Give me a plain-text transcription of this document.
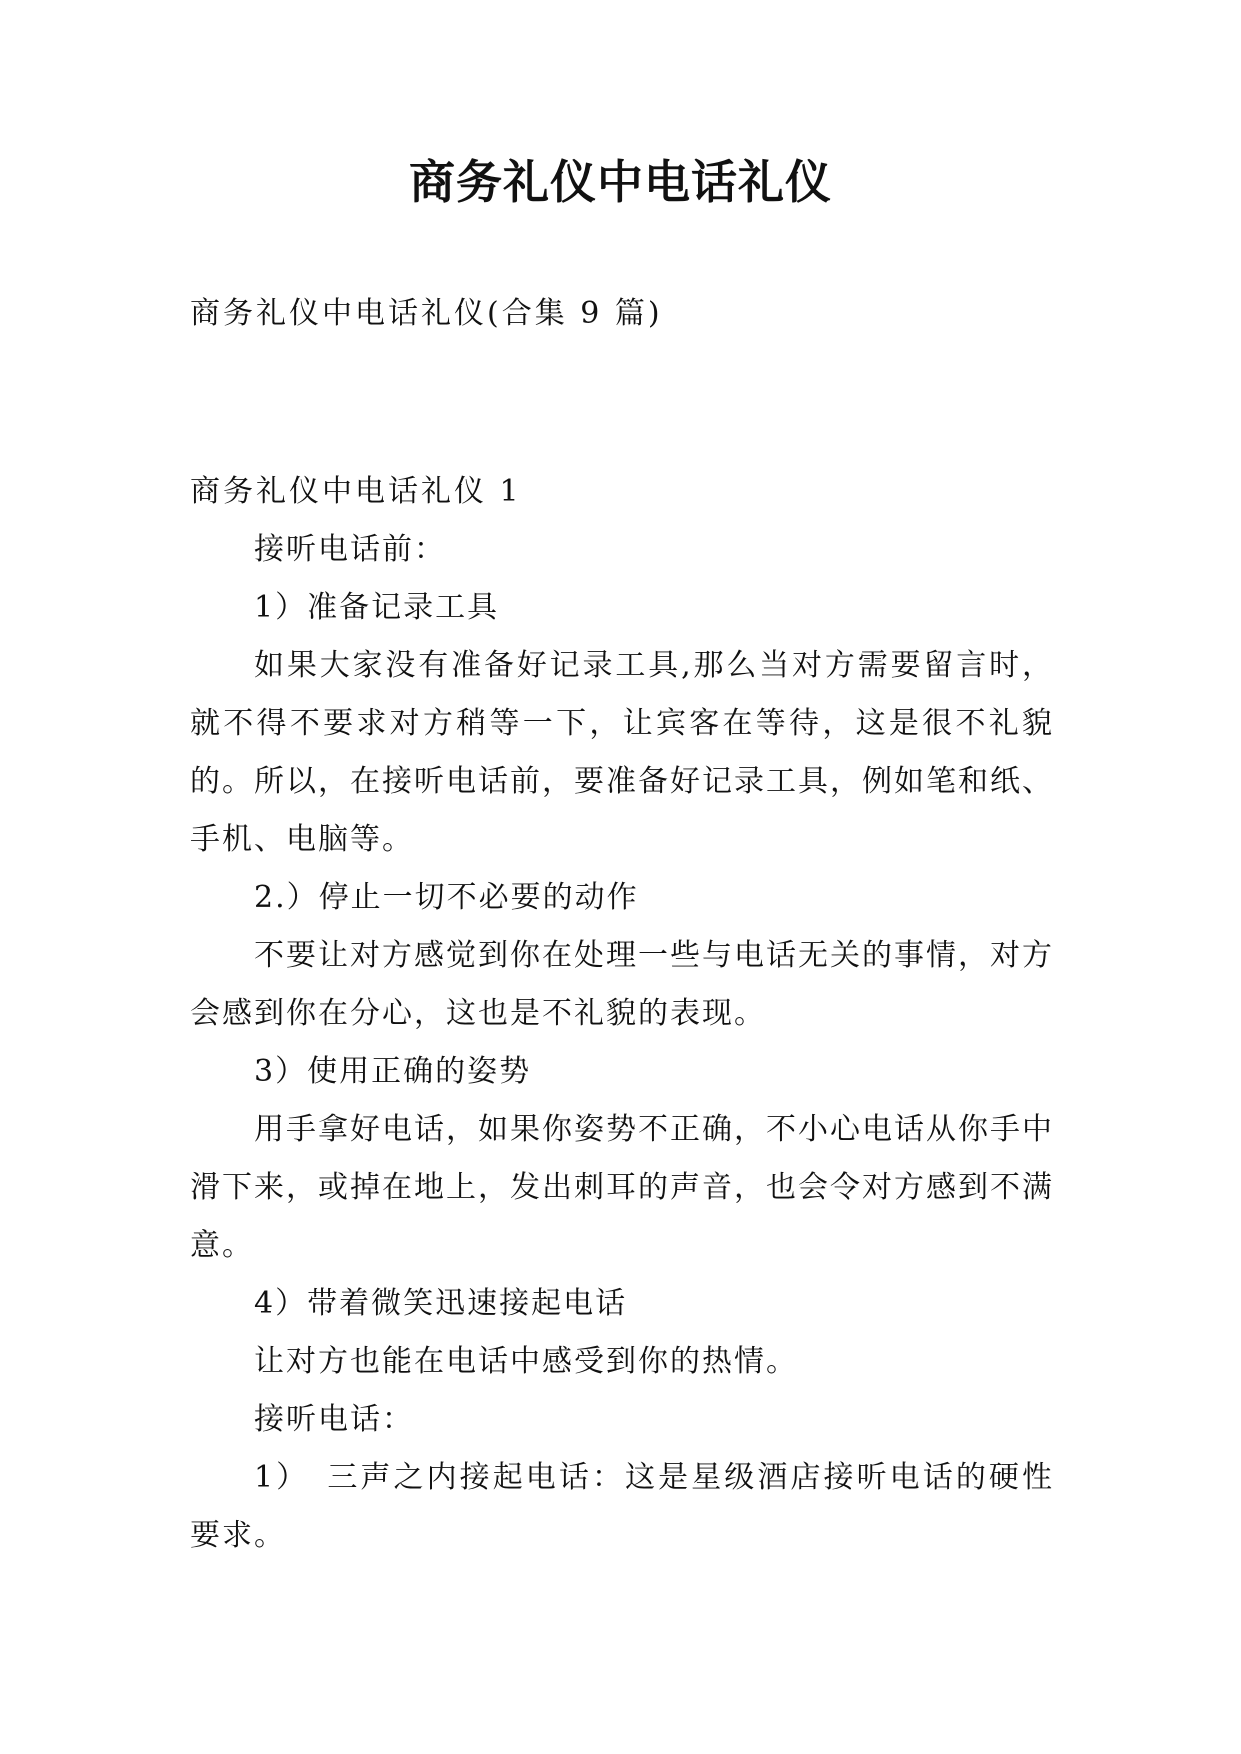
商务礼仪中电话礼仪
商务礼仪中电话礼仪(合集 9 篇)

商务礼仪中电话礼仪 1

接听电话前：

1）准备记录工具

如果大家没有准备好记录工具,那么当对方需要留言时，就不得不要求对方稍等一下，让宾客在等待，这是很不礼貌的。所以，在接听电话前，要准备好记录工具，例如笔和纸、手机、电脑等。

2.）停止一切不必要的动作

不要让对方感觉到你在处理一些与电话无关的事情，对方会感到你在分心，这也是不礼貌的表现。

3）使用正确的姿势

用手拿好电话，如果你姿势不正确，不小心电话从你手中滑下来，或掉在地上，发出刺耳的声音，也会令对方感到不满意。

4）带着微笑迅速接起电话

让对方也能在电话中感受到你的热情。

接听电话：

1）　三声之内接起电话：这是星级酒店接听电话的硬性要求。
